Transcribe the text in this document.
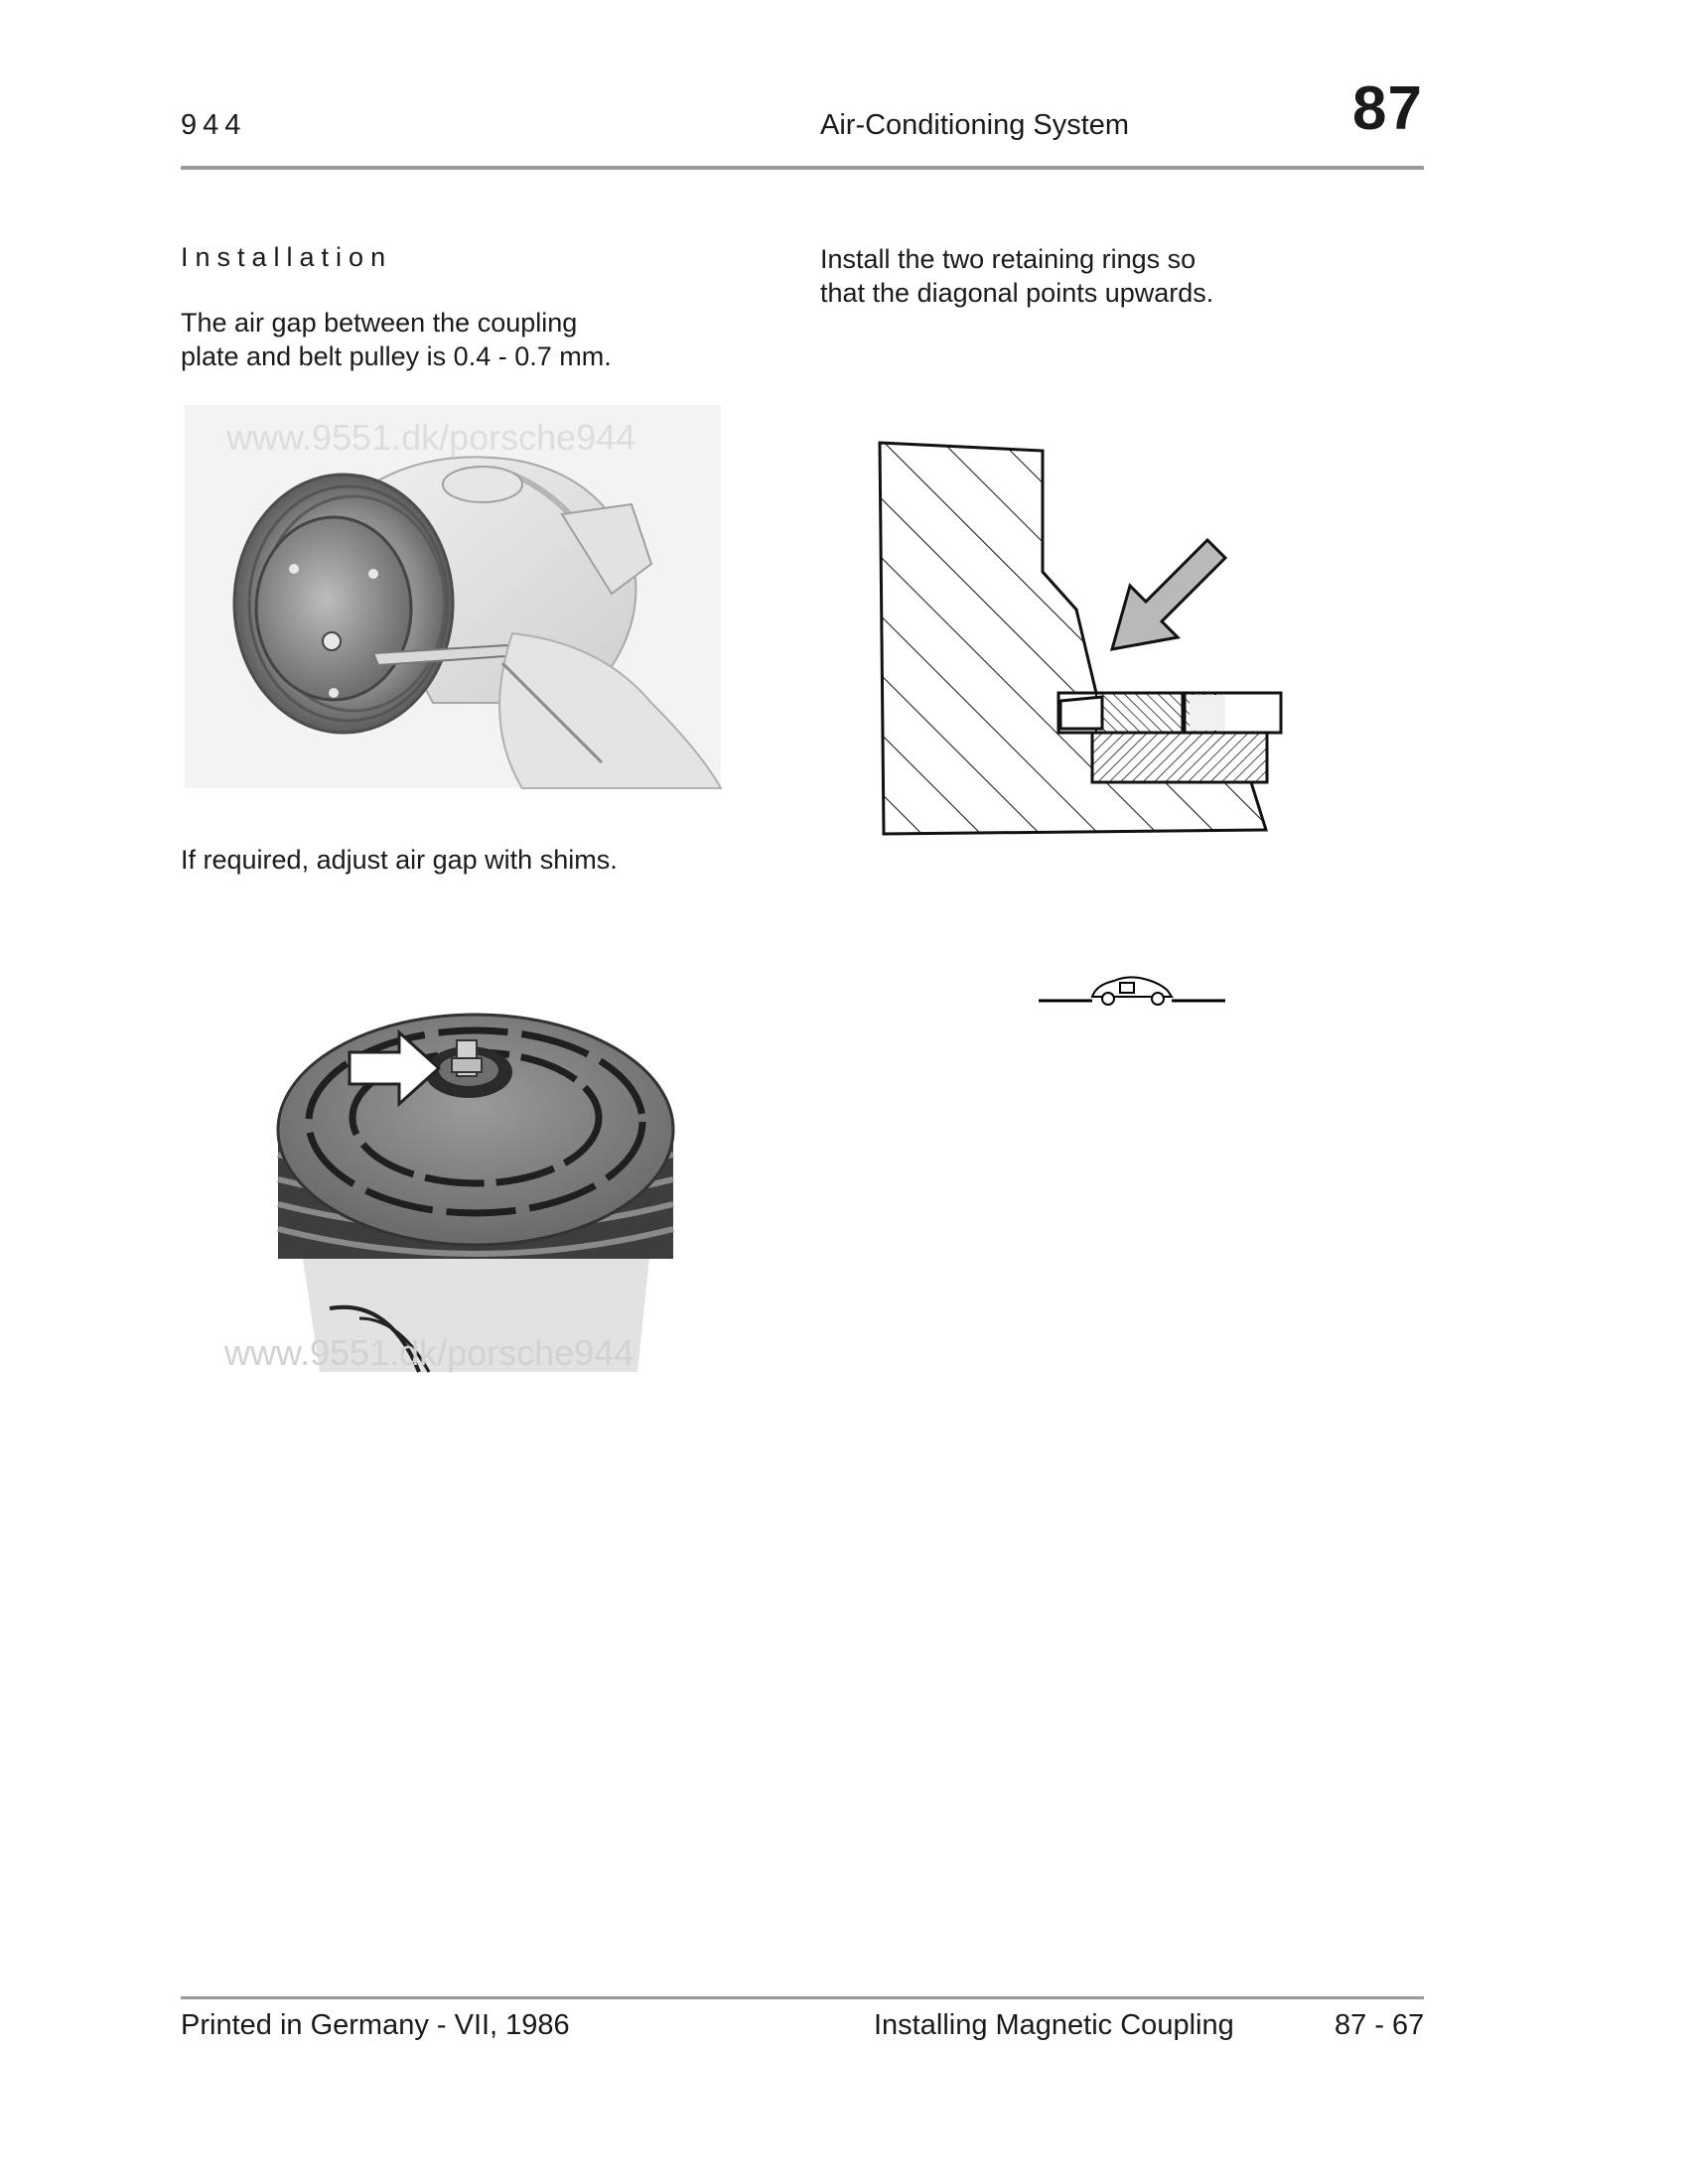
944	Air-Conditioning System	87
Installation
The air gap between the coupling
plate and belt pulley is 0.4 - 0.7 mm.
www.9551.dk/porsche944
If required, adjust air gap with shims.
www.9551.dk/porsche944
Install the two retaining rings so
that the diagonal points upwards.
Printed in Germany - VII, 1986	Installing Magnetic Coupling	87 - 67
